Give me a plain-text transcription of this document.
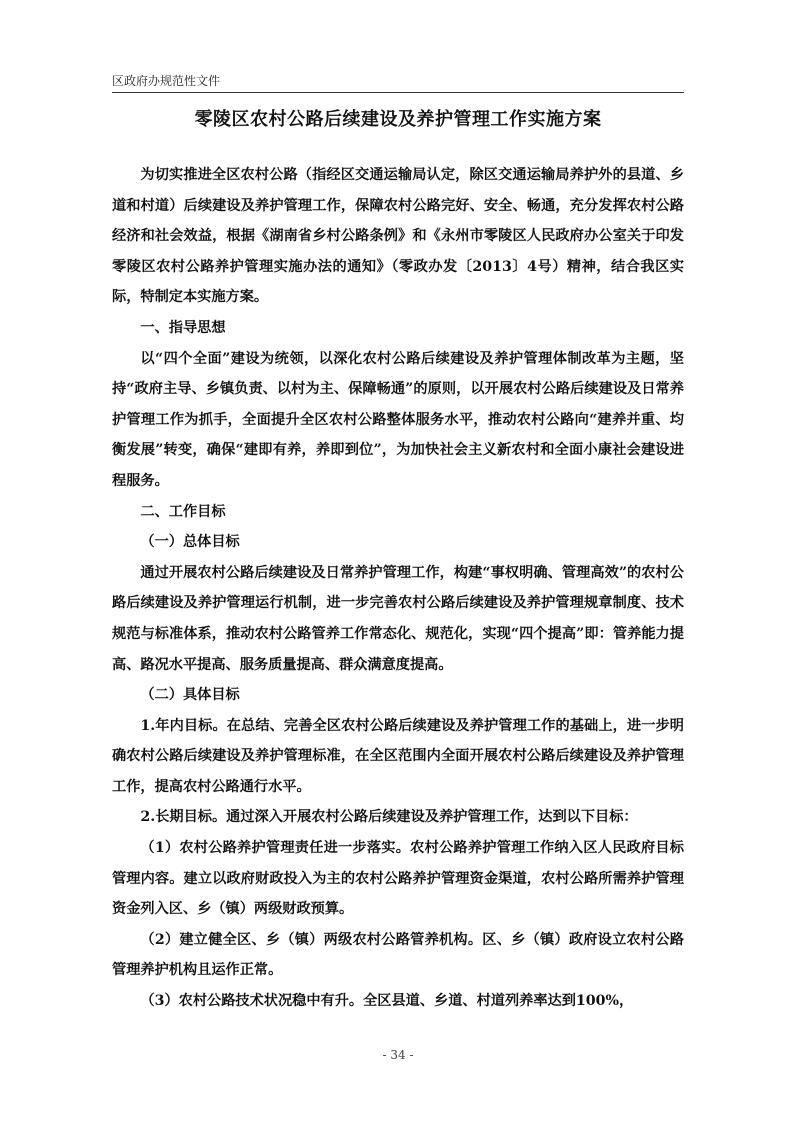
区政府办规范性文件
零陵区农村公路后续建设及养护管理工作实施方案

为切实推进全区农村公路（指经区交通运输局认定，除区交通运输局养护外的县道、乡道和村道）后续建设及养护管理工作，保障农村公路完好、安全、畅通，充分发挥农村公路经济和社会效益，根据《湖南省乡村公路条例》和《永州市零陵区人民政府办公室关于印发零陵区农村公路养护管理实施办法的通知》（零政办发〔2013〕4号）精神，结合我区实际，特制定本实施方案。

一、指导思想

以“四个全面”建设为统领，以深化农村公路后续建设及养护管理体制改革为主题，坚持“政府主导、乡镇负责、以村为主、保障畅通”的原则，以开展农村公路后续建设及日常养护管理工作为抓手，全面提升全区农村公路整体服务水平，推动农村公路向“建养并重、均衡发展”转变，确保“建即有养，养即到位”，为加快社会主义新农村和全面小康社会建设进程服务。

二、工作目标

（一）总体目标

通过开展农村公路后续建设及日常养护管理工作，构建“事权明确、管理高效”的农村公路后续建设及养护管理运行机制，进一步完善农村公路后续建设及养护管理规章制度、技术规范与标准体系，推动农村公路管养工作常态化、规范化，实现“四个提高”即：管养能力提高、路况水平提高、服务质量提高、群众满意度提高。

（二）具体目标

1.年内目标。在总结、完善全区农村公路后续建设及养护管理工作的基础上，进一步明确农村公路后续建设及养护管理标准，在全区范围内全面开展农村公路后续建设及养护管理工作，提高农村公路通行水平。

2.长期目标。通过深入开展农村公路后续建设及养护管理工作，达到以下目标：

（1）农村公路养护管理责任进一步落实。农村公路养护管理工作纳入区人民政府目标管理内容。建立以政府财政投入为主的农村公路养护管理资金渠道，农村公路所需养护管理资金列入区、乡（镇）两级财政预算。

（2）建立健全区、乡（镇）两级农村公路管养机构。区、乡（镇）政府设立农村公路管理养护机构且运作正常。

（3）农村公路技术状况稳中有升。全区县道、乡道、村道列养率达到100%，

- 34 -
